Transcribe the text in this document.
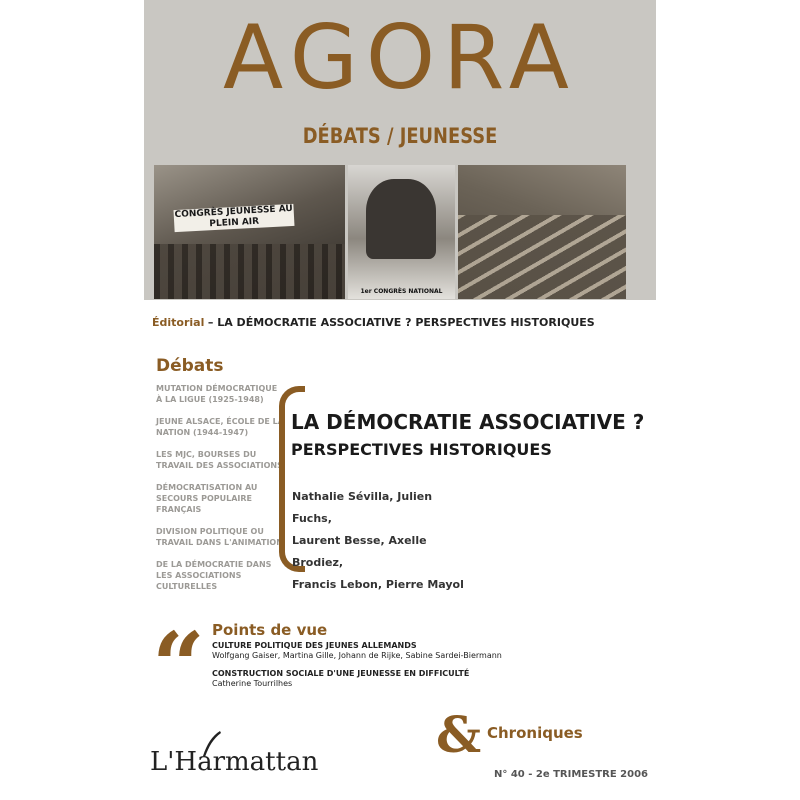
AGORA
DÉBATS / JEUNESSE
CONGRÈS JEUNESSE AU PLEIN AIR
1er CONGRÈS NATIONAL
Éditorial – LA DÉMOCRATIE ASSOCIATIVE ? PERSPECTIVES HISTORIQUES
Débats
MUTATION DÉMOCRATIQUE À LA LIGUE (1925-1948)
JEUNE ALSACE, ÉCOLE DE LA NATION (1944-1947)
LES MJC, BOURSES DU TRAVAIL DES ASSOCIATIONS
DÉMOCRATISATION AU SECOURS POPULAIRE FRANÇAIS
DIVISION POLITIQUE OU TRAVAIL DANS L'ANIMATION
DE LA DÉMOCRATIE DANS LES ASSOCIATIONS CULTURELLES
LA DÉMOCRATIE ASSOCIATIVE ?
PERSPECTIVES HISTORIQUES
Nathalie Sévilla, Julien Fuchs,
Laurent Besse, Axelle Brodiez,
Francis Lebon, Pierre Mayol
“ Points de vue
CULTURE POLITIQUE DES JEUNES ALLEMANDS
Wolfgang Gaiser, Martina Gille, Johann de Rijke, Sabine Sardei-Biermann
CONSTRUCTION SOCIALE D'UNE JEUNESSE EN DIFFICULTÉ
Catherine Tourrilhes
& Chroniques
L'Harmattan	N° 40 - 2e TRIMESTRE 2006
